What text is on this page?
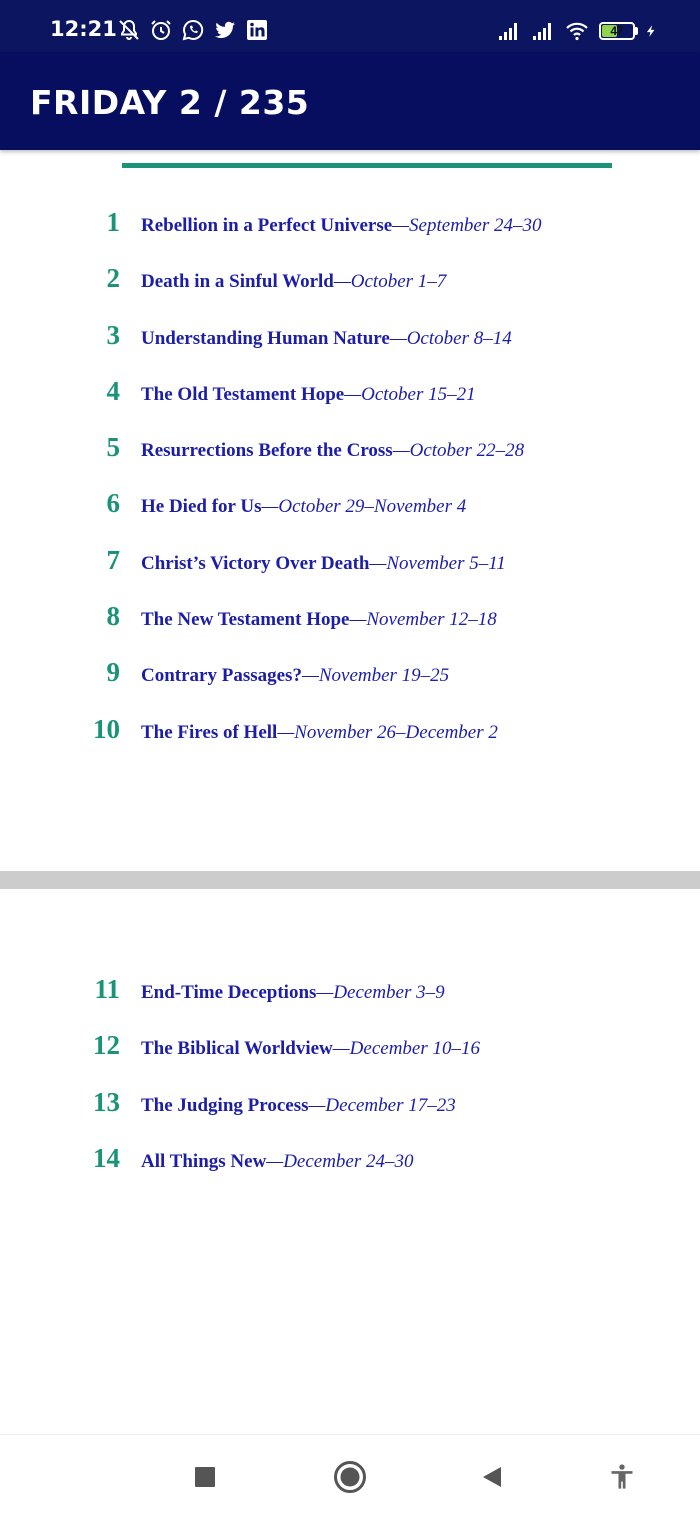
12:21	47
FRIDAY 2 / 235
1 Rebellion in a Perfect Universe—September 24–30
2 Death in a Sinful World—October 1–7
3 Understanding Human Nature—October 8–14
4 The Old Testament Hope—October 15–21
5 Resurrections Before the Cross—October 22–28
6 He Died for Us—October 29–November 4
7 Christ’s Victory Over Death—November 5–11
8 The New Testament Hope—November 12–18
9 Contrary Passages?—November 19–25
10 The Fires of Hell—November 26–December 2
11 End-Time Deceptions—December 3–9
12 The Biblical Worldview—December 10–16
13 The Judging Process—December 17–23
14 All Things New—December 24–30
